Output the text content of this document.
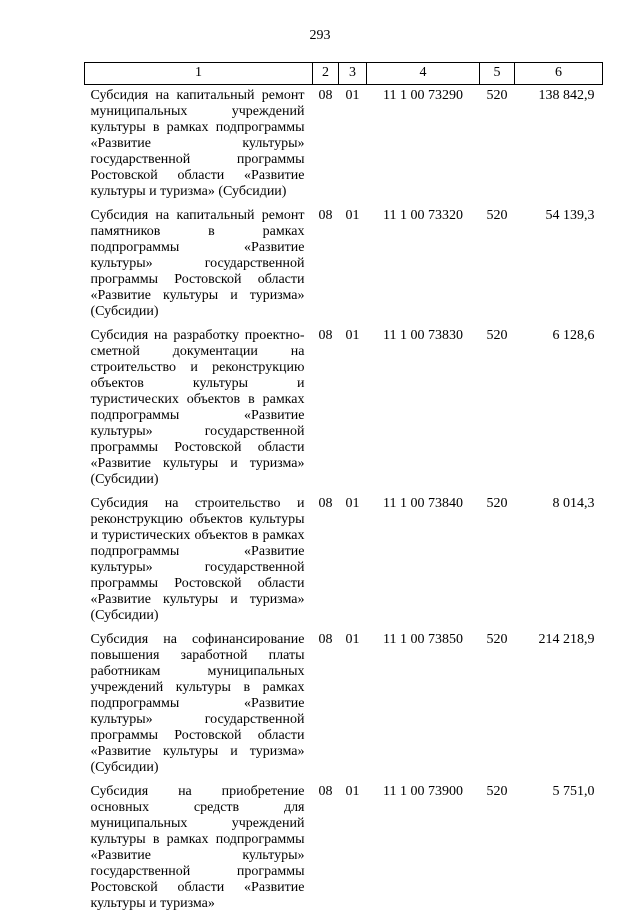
293
1	2	3	4	5	6
Субсидия на капитальный ремонт муниципальных учреждений культуры в рамках подпрограммы «Развитие культуры» государственной программы Ростовской области «Развитие культуры и туризма» (Субсидии)	08	01	11 1 00 73290	520	138 842,9
Субсидия на капитальный ремонт памятников в рамках подпрограммы «Развитие культуры» государственной программы Ростовской области «Развитие культуры и туризма» (Субсидии)	08	01	11 1 00 73320	520	54 139,3
Субсидия на разработку проектно-сметной документации на строительство и реконструкцию объектов культуры и туристических объектов в рамках подпрограммы «Развитие культуры» государственной программы Ростовской области «Развитие культуры и туризма» (Субсидии)	08	01	11 1 00 73830	520	6 128,6
Субсидия на строительство и реконструкцию объектов культуры и туристических объектов в рамках подпрограммы «Развитие культуры» государственной программы Ростовской области «Развитие культуры и туризма» (Субсидии)	08	01	11 1 00 73840	520	8 014,3
Субсидия на софинансирование повышения заработной платы работникам муниципальных учреждений культуры в рамках подпрограммы «Развитие культуры» государственной программы Ростовской области «Развитие культуры и туризма» (Субсидии)	08	01	11 1 00 73850	520	214 218,9
Субсидия на приобретение основных средств для муниципальных учреждений культуры в рамках подпрограммы «Развитие культуры» государственной программы Ростовской области «Развитие культуры и туризма»	08	01	11 1 00 73900	520	5 751,0
